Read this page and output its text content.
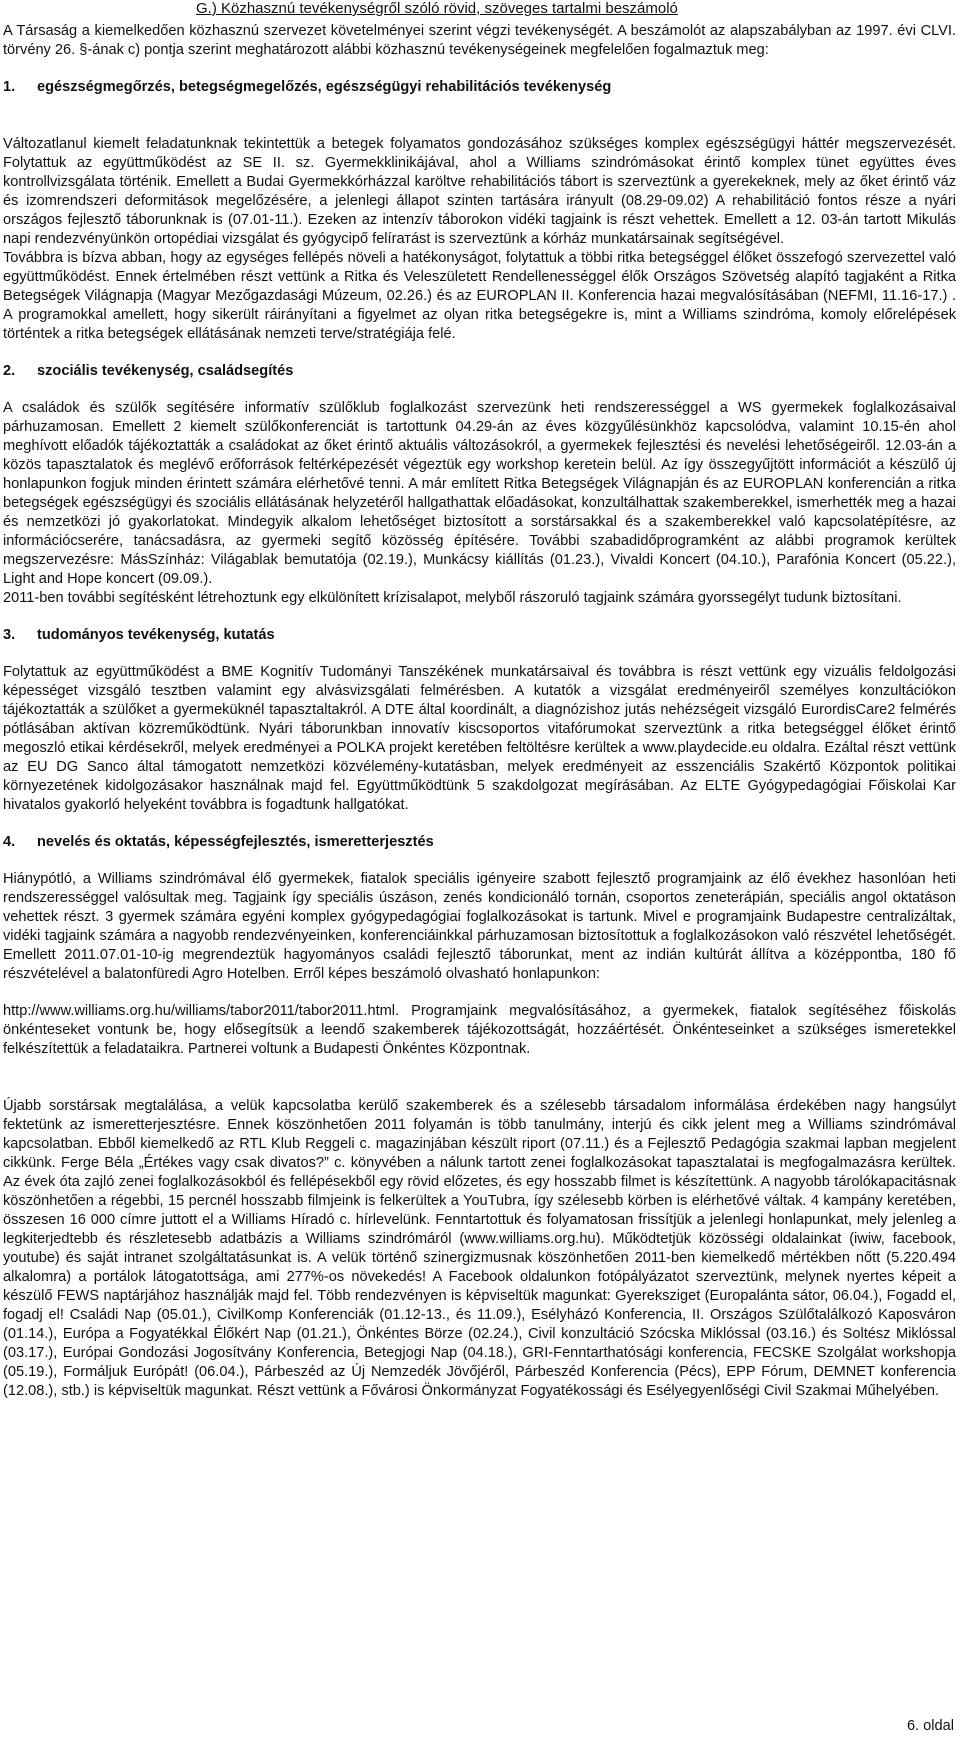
G.) Közhasznú tevékenységről szóló rövid, szöveges tartalmi beszámoló

A Társaság a kiemelkedően közhasznú szervezet követelményei szerint végzi tevékenységét. A beszámolót az alapszabályban az 1997. évi CLVI. törvény 26. §-ának c) pontja szerint meghatározott alábbi közhasznú tevékenységeinek megfelelően fogalmaztuk meg:

1. egészségmegőrzés, betegségmegelőzés, egészségügyi rehabilitációs tevékenység

Változatlanul kiemelt feladatunknak tekintettük a betegek folyamatos gondozásához szükséges komplex egészségügyi háttér megszervezését. Folytattuk az együttműködést az SE II. sz. Gyermekklinikájával, ahol a Williams szindrómásokat érintő komplex tünet együttes éves kontrollvizsgálata történik. Emellett a Budai Gyermekkórházzal karöltve rehabilitációs tábort is szerveztünk a gyerekeknek, mely az őket érintő váz és izomrendszeri deformitások megelőzésére, a jelenlegi állapot szinten tartására irányult (08.29-09.02) A rehabilitáció fontos része a nyári országos fejlesztő táborunknak is (07.01-11.). Ezeken az intenzív táborokon vidéki tagjaink is részt vehettek. Emellett a 12. 03-án tartott Mikulás napi rendezvényünkön ortopédiai vizsgálat és gyógycipő felírатást is szerveztünk a kórház munkatársainak segítségével.

Továbbra is bízva abban, hogy az egységes fellépés növeli a hatékonyságot, folytattuk a többi ritka betegséggel élőket összefogó szervezettel való együttműködést. Ennek értelmében részt vettünk a Ritka és Veleszületett Rendellenességgel élők Országos Szövetség alapító tagjaként a Ritka Betegségek Világnapja (Magyar Mezőgazdasági Múzeum, 02.26.) és az EUROPLAN II. Konferencia hazai megvalósításában (NEFMI, 11.16-17.) . A programokkal amellett, hogy sikerült ráirányítani a figyelmet az olyan ritka betegségekre is, mint a Williams szindróma, komoly előrelépések történtek a ritka betegségek ellátásának nemzeti terve/stratégiája felé.

2. szociális tevékenység, családsegítés

A családok és szülők segítésére informatív szülőklub foglalkozást szervezünk heti rendszerességgel a WS gyermekek foglalkozásaival párhuzamosan. Emellett 2 kiemelt szülőkonferenciát is tartottunk 04.29-án az éves közgyűlésünkhöz kapcsolódva, valamint 10.15-én ahol meghívott előadók tájékoztatták a családokat az őket érintő aktuális változásokról, a gyermekek fejlesztési és nevelési lehetőségeiről. 12.03-án a közös tapasztalatok és meglévő erőforrások feltérképezését végeztük egy workshop keretein belül. Az így összegyűjtött információt a készülő új honlapunkon fogjuk minden érintett számára elérhetővé tenni. A már említett Ritka Betegségek Világnapján és az EUROPLAN konferencián a ritka betegségek egészségügyi és szociális ellátásának helyzetéről hallgathattak előadásokat, konzultálhattak szakemberekkel, ismerhették meg a hazai és nemzetközi jó gyakorlatokat. Mindegyik alkalom lehetőséget biztosított a sorstársakkal és a szakemberekkel való kapcsolatépítésre, az információcserére, tanácsadásra, az gyermeki segítő közösség építésére. További szabadidőprogramként az alábbi programok kerültek megszervezésre: MásSzínház: Világablak bemutatója (02.19.), Munkácsy kiállítás (01.23.), Vivaldi Koncert (04.10.), Parafónia Koncert (05.22.), Light and Hope koncert (09.09.).

2011-ben további segítésként létrehoztunk egy elkülönített krízisalapot, melyből rászoruló tagjaink számára gyorssegélyt tudunk biztosítani.

3. tudományos tevékenység, kutatás

Folytattuk az együttműködést a BME Kognitív Tudományi Tanszékének munkatársaival és továbbra is részt vettünk egy vizuális feldolgozási képességet vizsgáló tesztben valamint egy alvásvizsgálati felmérésben. A kutatók a vizsgálat eredményeiről személyes konzultációkon tájékoztatták a szülőket a gyermeküknél tapasztaltakról. A DTE által koordinált, a diagnózishoz jutás nehézségeit vizsgáló EurordisCare2 felmérés pótlásában aktívan közreműködtünk. Nyári táborunkban innovatív kiscsoportos vitafórumokat szerveztünk a ritka betegséggel élőket érintő megoszló etikai kérdésekről, melyek eredményei a POLKA projekt keretében feltöltésre kerültek a www.playdecide.eu oldalra. Ezáltal részt vettünk az EU DG Sanco által támogatott nemzetközi közvélemény-kutatásban, melyek eredményeit az esszenciális Szakértő Központok politikai környezetének kidolgozásakor használnak majd fel. Együttműködtünk 5 szakdolgozat megírásában. Az ELTE Gyógypedagógiai Főiskolai Kar hivatalos gyakorló helyeként továbbra is fogadtunk hallgatókat.

4. nevelés és oktatás, képességfejlesztés, ismeretterjesztés

Hiánypótló, a Williams szindrómával élő gyermekek, fiatalok speciális igényeire szabott fejlesztő programjaink az élő évekhez hasonlóan heti rendszerességgel valósultak meg. Tagjaink így speciális úszáson, zenés kondicionáló tornán, csoportos zeneterápián, speciális angol oktatáson vehettek részt. 3 gyermek számára egyéni komplex gyógypedagógiai foglalkozásokat is tartunk. Mivel e programjaink Budapestre centralizáltak, vidéki tagjaink számára a nagyobb rendezvényeinken, konferenciáinkkal párhuzamosan biztosítottuk a foglalkozásokon való részvétel lehetőségét. Emellett 2011.07.01-10-ig megrendeztük hagyományos családi fejlesztő táborunkat, ment az indián kultúrát állítva a középpontba, 180 fő részvételével a balatonfüredi Agro Hotelben. Erről képes beszámoló olvasható honlapunkon:

http://www.williams.org.hu/williams/tabor2011/tabor2011.html. Programjaink megvalósításához, a gyermekek, fiatalok segítéséhez főiskolás önkénteseket vontunk be, hogy elősegítsük a leendő szakemberek tájékozottságát, hozzáértését. Önkénteseinket a szükséges ismeretekkel felkészítettük a feladataikra. Partnerei voltunk a Budapesti Önkéntes Központnak.

Újabb sorstársak megtalálása, a velük kapcsolatba kerülő szakemberek és a szélesebb társadalom informálása érdekében nagy hangsúlyt fektetünk az ismeretterjesztésre. Ennek köszönhetően 2011 folyamán is több tanulmány, interjú és cikk jelent meg a Williams szindrómával kapcsolatban. Ebből kiemelkedő az RTL Klub Reggeli c. magazinjában készült riport (07.11.) és a Fejlesztő Pedagógia szakmai lapban megjelent cikkünk. Ferge Béla „Értékes vagy csak divatos?” c. könyvében a nálunk tartott zenei foglalkozásokat tapasztalatai is megfogalmazásra kerültek. Az évek óta zajló zenei foglalkozásokból és fellépésekből egy rövid előzetes, és egy hosszabb filmet is készítettünk. A nagyobb tárolókapacitásnak köszönhetően a régebbi, 15 percnél hosszabb filmjeink is felkerültek a YouTubra, így szélesebb körben is elérhetővé váltak. 4 kampány keretében, összesen 16 000 címre juttott el a Williams Híradó c. hírlevelünk. Fenntartottuk és folyamatosan frissítjük a jelenlegi honlapunkat, mely jelenleg a legkiterjedtebb és részletesebb adatbázis a Williams szindrómáról (www.williams.org.hu). Működtetjük közösségi oldalainkat (iwiw, facebook, youtube) és saját intranet szolgáltatásunkat is. A velük történő szinergizmusnak köszönhetően 2011-ben kiemelkedő mértékben nőtt (5.220.494 alkalomra) a portálok látogatottsága, ami 277%-os növekedés! A Facebook oldalunkon fotópályázatot szerveztünk, melynek nyertes képeit a készülő FEWS naptárjához használják majd fel. Több rendezvényen is képviseltük magunkat: Gyereksziget (Europalánta sátor, 06.04.), Fogadd el, fogadj el! Családi Nap (05.01.), CivilKomp Konferenciák (01.12-13., és 11.09.), Esélyházó Konferencia, II. Országos Szülőtalálkozó Kaposváron (01.14.), Európa a Fogyatékkal Élőkért Nap (01.21.), Önkéntes Börze (02.24.), Civil konzultáció Szócska Miklóssal (03.16.) és Soltész Miklóssal (03.17.), Európai Gondozási Jogosítvány Konferencia, Betegjogi Nap (04.18.), GRI-Fenntarthatósági konferencia, FECSKE Szolgálat workshopja (05.19.), Formáljuk Európát! (06.04.), Párbeszéd az Új Nemzedék Jövőjéről, Párbeszéd Konferencia (Pécs), EPP Fórum, DEMNET konferencia (12.08.), stb.) is képviseltük magunkat. Részt vettünk a Fővárosi Önkormányzat Fogyatékossági és Esélyegyenlőségi Civil Szakmai Műhelyében.

6. oldal
